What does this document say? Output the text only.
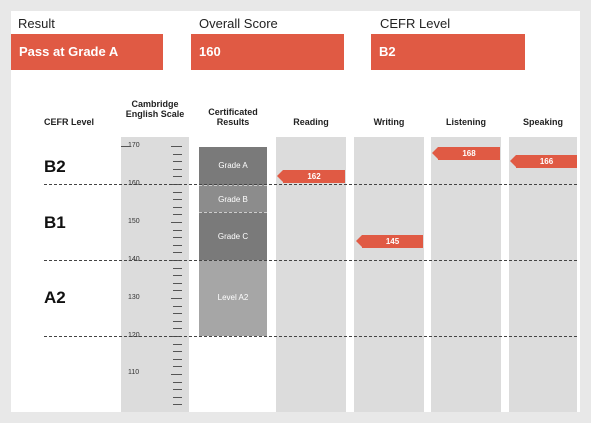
Result
Pass at Grade A
Overall Score
160
CEFR Level
B2
CEFR Level
Cambridge English Scale	Certificated Results	Reading	Writing	Listening	Speaking
170
160
150
140
130
120
110
Grade A
Grade B
Grade C
Level A2
B2
B1
A2
162
145
168
166
